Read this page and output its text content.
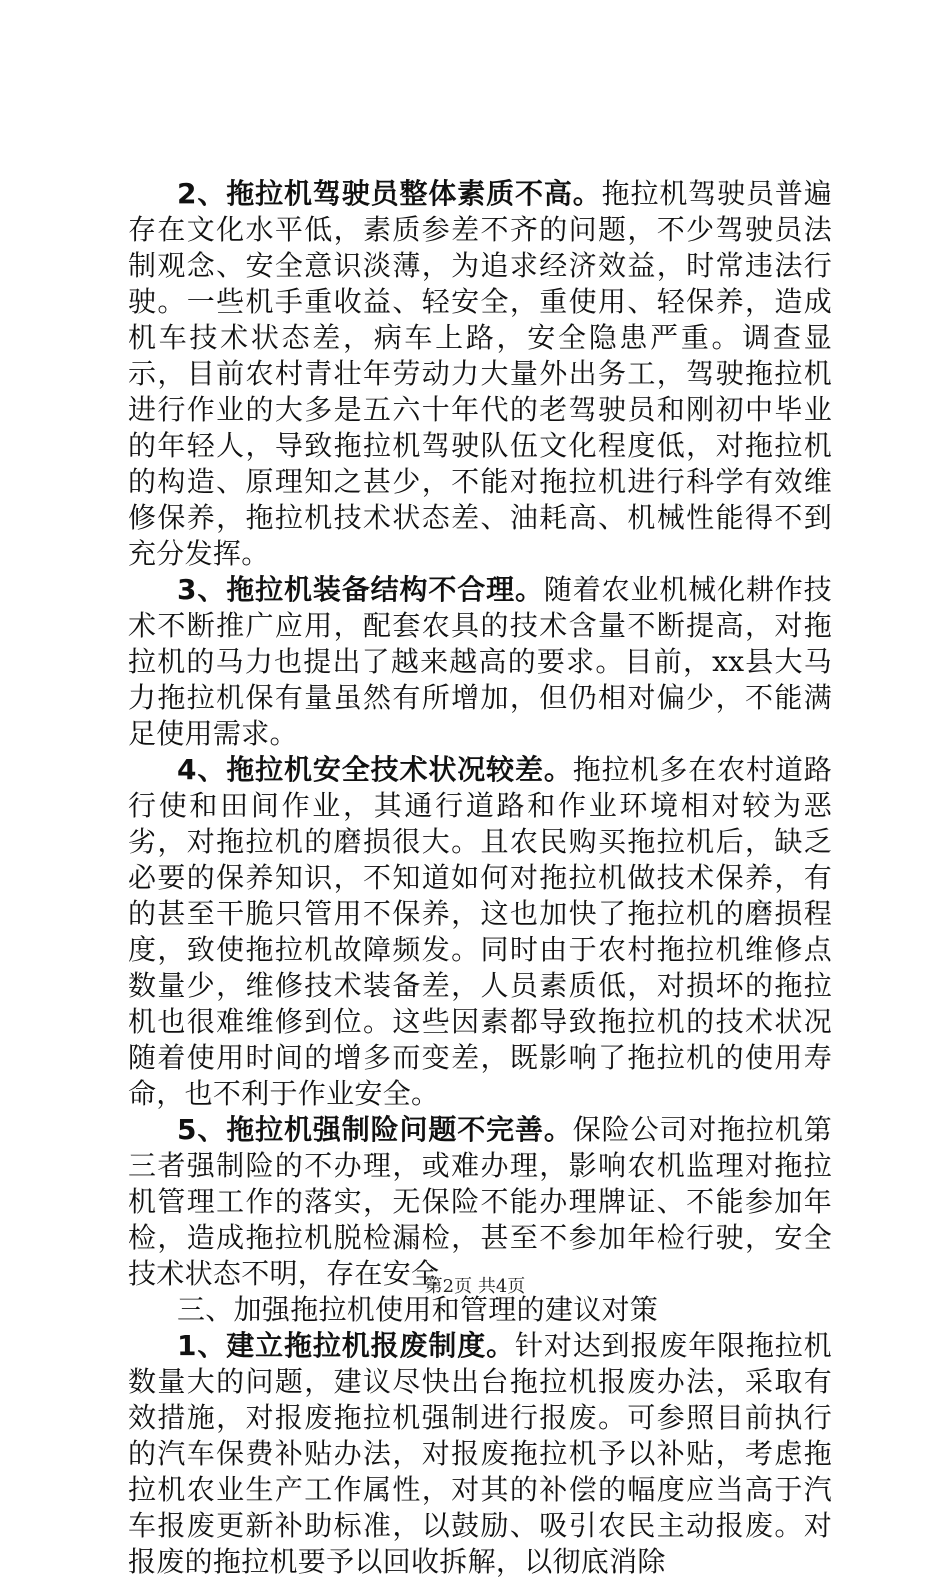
2、拖拉机驾驶员整体素质不高。拖拉机驾驶员普遍存在文化水平低，素质参差不齐的问题，不少驾驶员法制观念、安全意识淡薄，为追求经济效益，时常违法行驶。一些机手重收益、轻安全，重使用、轻保养，造成机车技术状态差，病车上路，安全隐患严重。调查显示，目前农村青壮年劳动力大量外出务工，驾驶拖拉机进行作业的大多是五六十年代的老驾驶员和刚初中毕业的年轻人，导致拖拉机驾驶队伍文化程度低，对拖拉机的构造、原理知之甚少，不能对拖拉机进行科学有效维修保养，拖拉机技术状态差、油耗高、机械性能得不到充分发挥。

3、拖拉机装备结构不合理。随着农业机械化耕作技术不断推广应用，配套农具的技术含量不断提高，对拖拉机的马力也提出了越来越高的要求。目前，xx县大马力拖拉机保有量虽然有所增加，但仍相对偏少，不能满足使用需求。

4、拖拉机安全技术状况较差。拖拉机多在农村道路行使和田间作业，其通行道路和作业环境相对较为恶劣，对拖拉机的磨损很大。且农民购买拖拉机后，缺乏必要的保养知识，不知道如何对拖拉机做技术保养，有的甚至干脆只管用不保养，这也加快了拖拉机的磨损程度，致使拖拉机故障频发。同时由于农村拖拉机维修点数量少，维修技术装备差，人员素质低，对损坏的拖拉机也很难维修到位。这些因素都导致拖拉机的技术状况随着使用时间的增多而变差，既影响了拖拉机的使用寿命，也不利于作业安全。

5、拖拉机强制险问题不完善。保险公司对拖拉机第三者强制险的不办理，或难办理，影响农机监理对拖拉机管理工作的落实，无保险不能办理牌证、不能参加年检，造成拖拉机脱检漏检，甚至不参加年检行驶，安全技术状态不明，存在安全

三、加强拖拉机使用和管理的建议对策

1、建立拖拉机报废制度。针对达到报废年限拖拉机数量大的问题，建议尽快出台拖拉机报废办法，采取有效措施，对报废拖拉机强制进行报废。可参照目前执行的汽车保费补贴办法，对报废拖拉机予以补贴，考虑拖拉机农业生产工作属性，对其的补偿的幅度应当高于汽车报废更新补助标准，以鼓励、吸引农民主动报废。对报废的拖拉机要予以回收拆解，以彻底消除

第2页 共4页
